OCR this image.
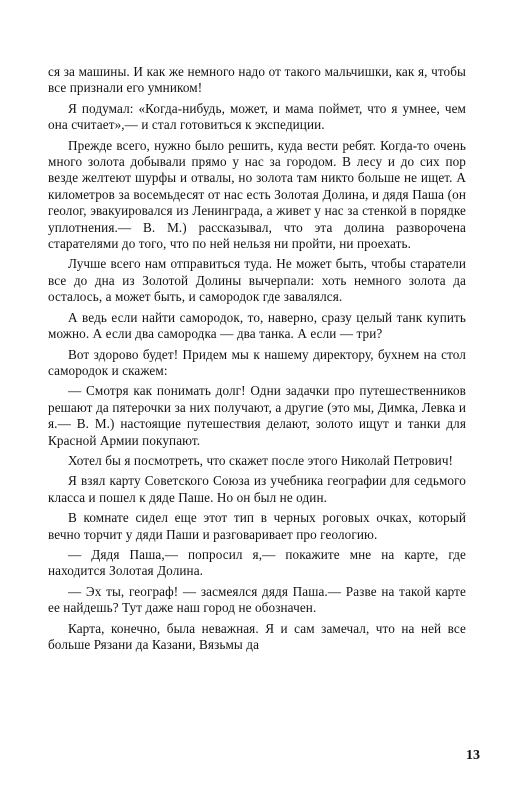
ся за машины. И как же немного надо от такого мальчишки, как я, чтобы все признали его умником!

Я подумал: «Когда-нибудь, может, и мама поймет, что я умнее, чем она считает»,— и стал готовиться к экспедиции.

Прежде всего, нужно было решить, куда вести ребят. Когда-то очень много золота добывали прямо у нас за городом. В лесу и до сих пор везде желтеют шурфы и отвалы, но золота там никто больше не ищет. А километров за восемьдесят от нас есть Золотая Долина, и дядя Паша (он геолог, эвакуировался из Ленинграда, а живет у нас за стенкой в порядке уплотнения.— В. М.) рассказывал, что эта долина разворочена старателями до того, что по ней нельзя ни пройти, ни проехать.

Лучше всего нам отправиться туда. Не может быть, чтобы старатели все до дна из Золотой Долины вычерпали: хоть немного золота да осталось, а может быть, и самородок где завалялся.

А ведь если найти самородок, то, наверно, сразу целый танк купить можно. А если два самородка — два танка. А если — три?

Вот здорово будет! Придем мы к нашему директору, бухнем на стол самородок и скажем:

— Смотря как понимать долг! Одни задачки про путешественников решают да пятерочки за них получают, а другие (это мы, Димка, Левка и я.— В. М.) настоящие путешествия делают, золото ищут и танки для Красной Армии покупают.

Хотел бы я посмотреть, что скажет после этого Николай Петрович!

Я взял карту Советского Союза из учебника географии для седьмого класса и пошел к дяде Паше. Но он был не один.

В комнате сидел еще этот тип в черных роговых очках, который вечно торчит у дяди Паши и разговаривает про геологию.

— Дядя Паша,— попросил я,— покажите мне на карте, где находится Золотая Долина.

— Эх ты, географ! — засмеялся дядя Паша.— Разве на такой карте ее найдешь? Тут даже наш город не обозначен.

Карта, конечно, была неважная. Я и сам замечал, что на ней все больше Рязани да Казани, Вязьмы да

13
